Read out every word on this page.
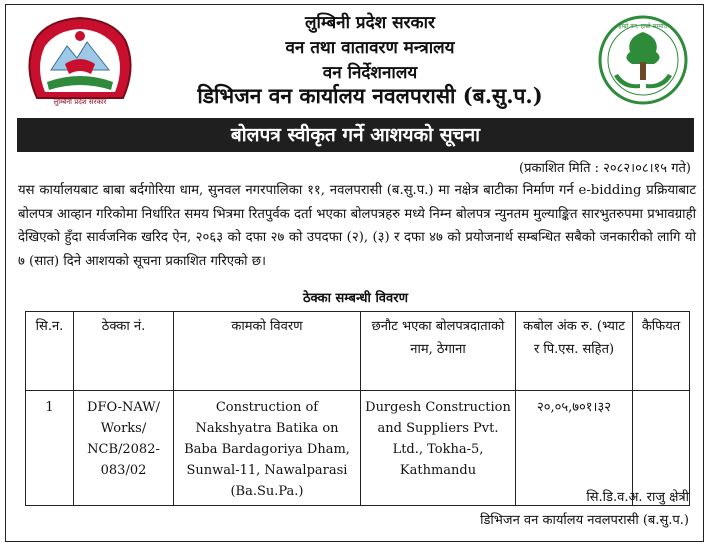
लुम्बिनी प्रदेश सरकार
लुम्बिनी प्रदेश सरकार
वन तथा वातावरण मन्त्रालय
वन निर्देशनालय
डिभिजन वन कार्यालय नवलपरासी (ब.सु.प.)
हाम्रो वन, हाम्रो सम्पत्ति
बोलपत्र स्वीकृत गर्ने आशयको सूचना
(प्रकाशित मिति : २०८२।०८।१५ गते)
यस कार्यालयबाट बाबा बर्दगोरिया धाम, सुनवल नगरपालिका ११, नवलपरासी (ब.सु.प.) मा नक्षेत्र बाटीका निर्माण गर्न e-bidding प्रक्रियाबाट बोलपत्र आव्हान गरिकोमा निर्धारित समय भित्रमा रितपुर्वक दर्ता भएका बोलपत्रहरु मध्ये निम्न बोलपत्र न्युनतम मुल्याङ्कित सारभुतरुपमा प्रभावग्राही देखिएको हुँदा सार्वजनिक खरिद ऐन, २०६३ को दफा २७ को उपदफा (२), (३) र दफा ४७ को प्रयोजनार्थ सम्बन्धित सबैको जनकारीको लागि यो ७ (सात) दिने आशयको सूचना प्रकाशित गरिएको छ।
ठेक्का सम्बन्धी विवरण
सि.न.	ठेक्का नं.	कामको विवरण	छनौट भएका बोलपत्रदाताको नाम, ठेगाना	कबोल अंक रु. (भ्याट र पि.एस. सहित)	कैफियत
1	DFO-NAW/ Works/ NCB/2082-083/02	Construction of Nakshyatra Batika on Baba Bardagoriya Dham, Sunwal-11, Nawalparasi (Ba.Su.Pa.)	Durgesh Construction and Suppliers Pvt. Ltd., Tokha-5, Kathmandu	२०,०५,७०१।३२	
सि.डि.व.अ. राजु क्षेत्री
डिभिजन वन कार्यालय नवलपरासी (ब.सु.प.)
